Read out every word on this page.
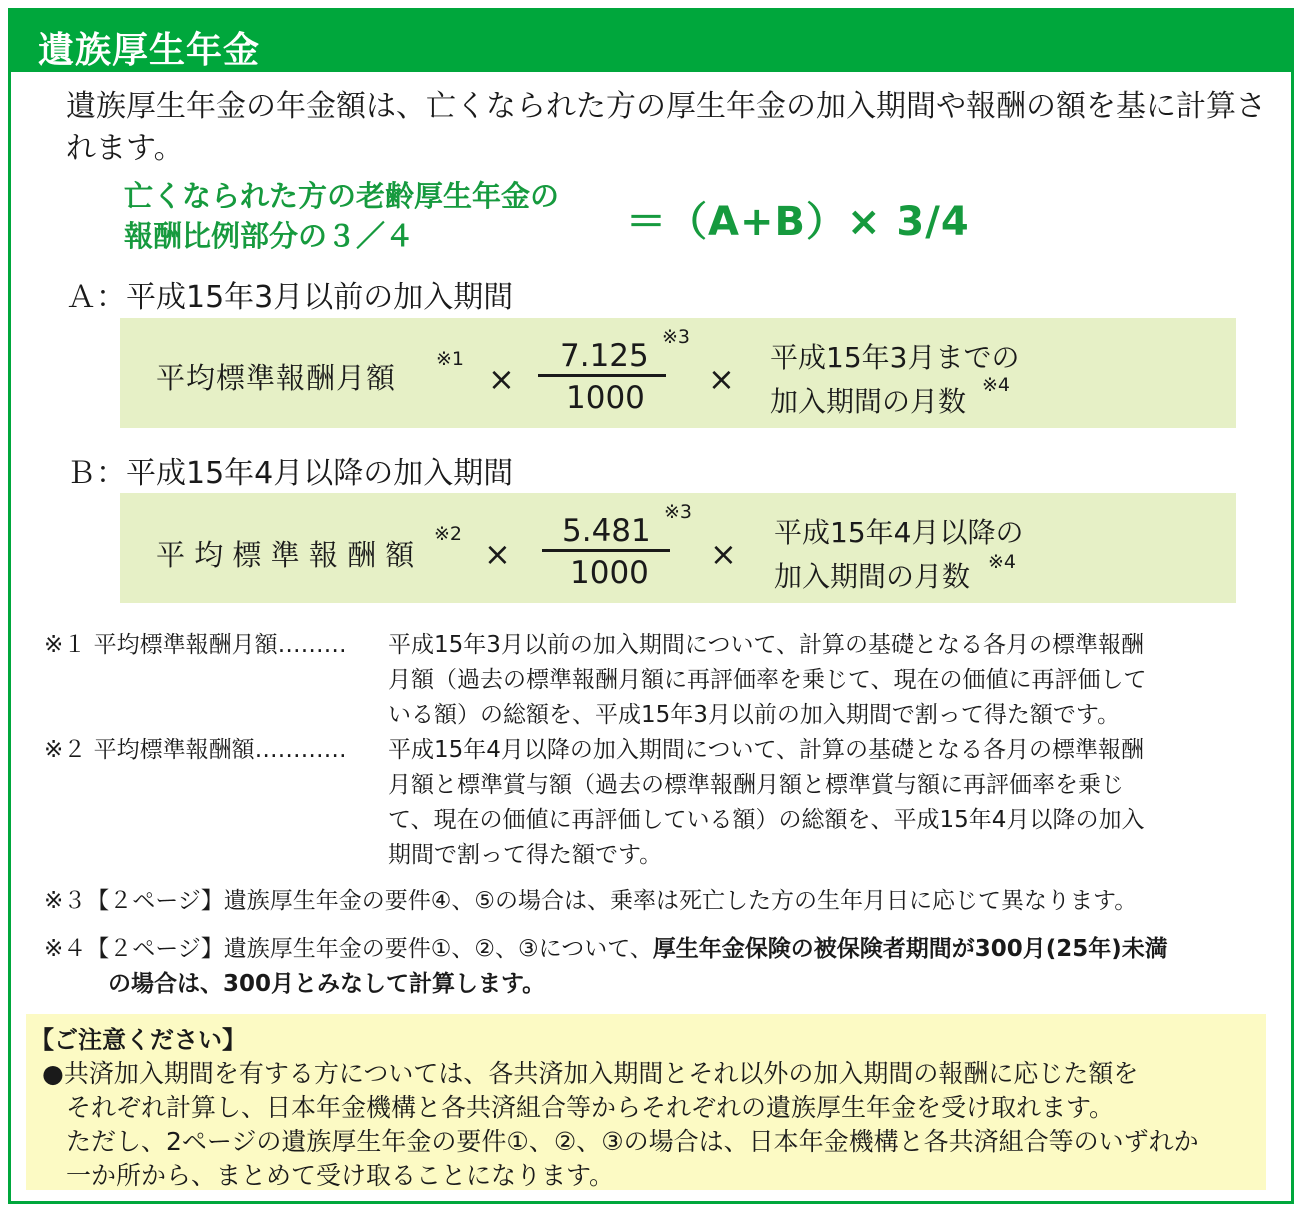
遺族厚生年金
遺族厚生年金の年金額は、亡くなられた方の厚生年金の加入期間や報酬の額を基に計算されます。
亡くなられた方の老齢厚生年金の
報酬比例部分の３／４	＝（A+B）× 3/4
Ａ：平成15年3月以前の加入期間
平均標準報酬月額
※1
×
7.125
※3
1000 ×
平成15年3月までの
加入期間の月数 ※4
Ｂ：平成15年4月以降の加入期間
平 均 標 準 報 酬 額
※2
×
5.481
※3
1000 ×
平成15年4月以降の
加入期間の月数 ※4
※１ 平均標準報酬月額……… 平成15年3月以前の加入期間について、計算の基礎となる各月の標準報酬
月額（過去の標準報酬月額に再評価率を乗じて、現在の価値に再評価して
いる額）の総額を、平成15年3月以前の加入期間で割って得た額です。
※２ 平均標準報酬額………… 平成15年4月以降の加入期間について、計算の基礎となる各月の標準報酬
月額と標準賞与額（過去の標準報酬月額と標準賞与額に再評価率を乗じ
て、現在の価値に再評価している額）の総額を、平成15年4月以降の加入
期間で割って得た額です。
※３【２ページ】遺族厚生年金の要件④、⑤の場合は、乗率は死亡した方の生年月日に応じて異なります。
※４【２ページ】遺族厚生年金の要件①、②、③について、厚生年金保険の被保険者期間が300月(25年)未満
の場合は、300月とみなして計算します。
【ご注意ください】
●共済加入期間を有する方については、各共済加入期間とそれ以外の加入期間の報酬に応じた額を
それぞれ計算し、日本年金機構と各共済組合等からそれぞれの遺族厚生年金を受け取れます。
ただし、2ページの遺族厚生年金の要件①、②、③の場合は、日本年金機構と各共済組合等のいずれか
一か所から、まとめて受け取ることになります。
